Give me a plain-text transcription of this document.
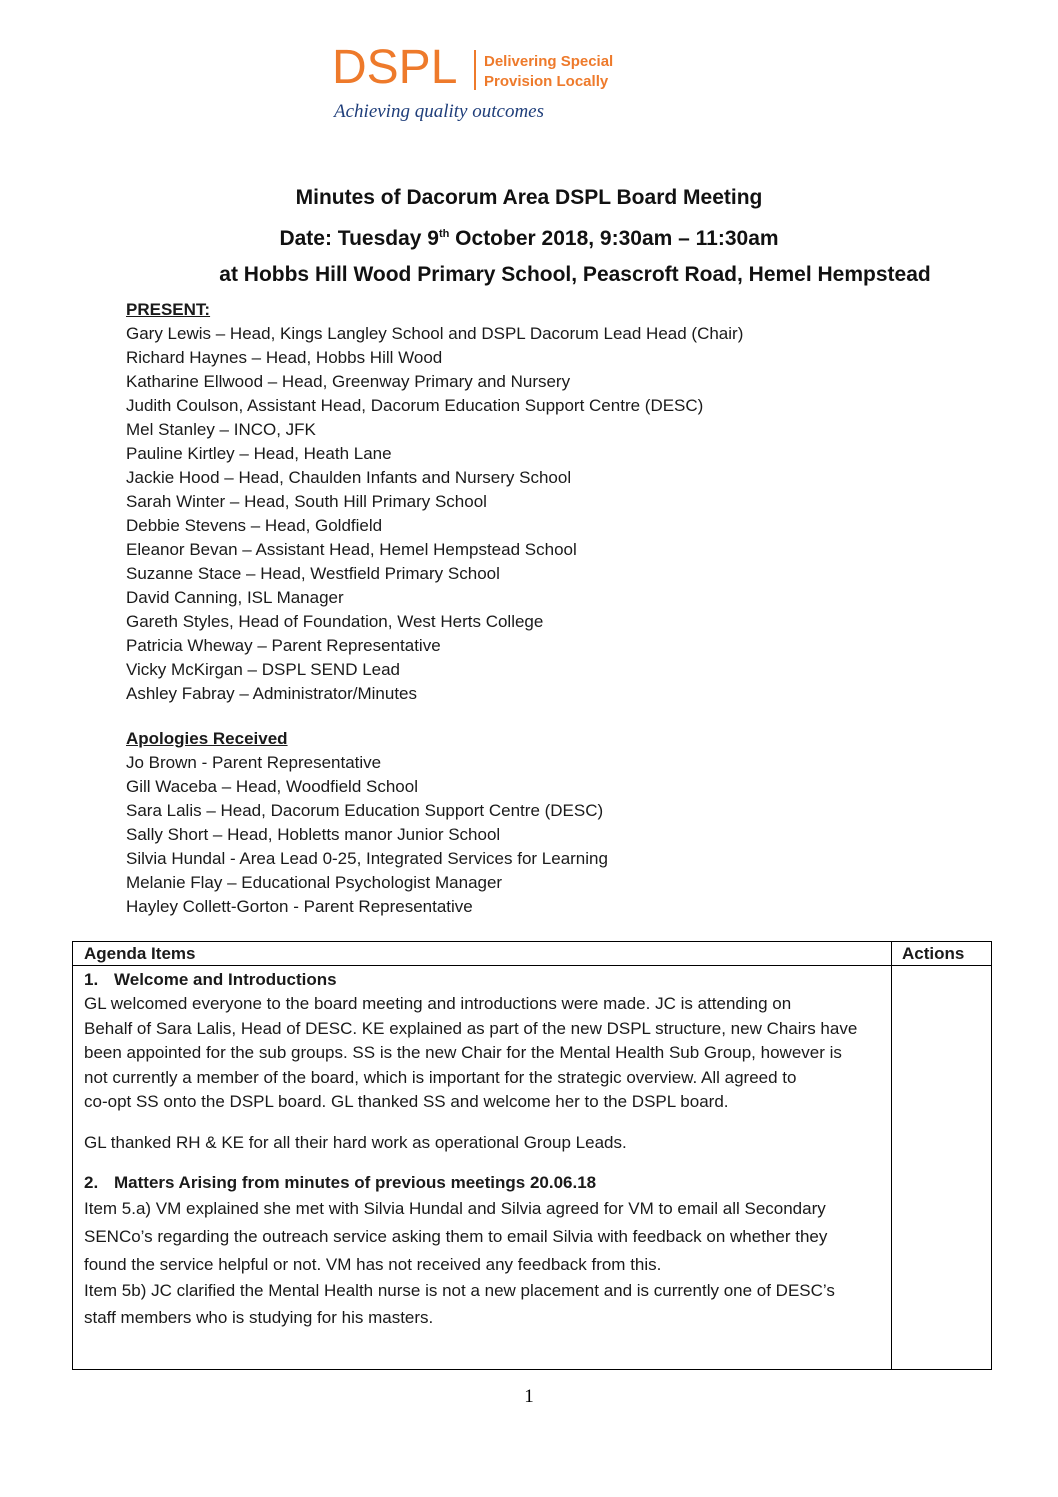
DSPL Delivering Special
Provision Locally
Achieving quality outcomes
Minutes of Dacorum Area DSPL Board Meeting
Date: Tuesday 9th October 2018, 9:30am – 11:30am
at Hobbs Hill Wood Primary School, Peascroft Road, Hemel Hempstead
PRESENT:
Gary Lewis – Head, Kings Langley School and DSPL Dacorum Lead Head (Chair)
Richard Haynes – Head, Hobbs Hill Wood
Katharine Ellwood – Head, Greenway Primary and Nursery
Judith Coulson, Assistant Head, Dacorum Education Support Centre (DESC)
Mel Stanley – INCO, JFK
Pauline Kirtley – Head, Heath Lane
Jackie Hood – Head, Chaulden Infants and Nursery School
Sarah Winter – Head, South Hill Primary School
Debbie Stevens – Head, Goldfield
Eleanor Bevan – Assistant Head, Hemel Hempstead School
Suzanne Stace – Head, Westfield Primary School
David Canning, ISL Manager
Gareth Styles, Head of Foundation, West Herts College
Patricia Wheway – Parent Representative
Vicky McKirgan – DSPL SEND Lead
Ashley Fabray – Administrator/Minutes
Apologies Received
Jo Brown - Parent Representative
Gill Waceba – Head, Woodfield School
Sara Lalis – Head, Dacorum Education Support Centre (DESC)
Sally Short – Head, Hobletts manor Junior School
Silvia Hundal - Area Lead 0-25, Integrated Services for Learning
Melanie Flay – Educational Psychologist Manager
Hayley Collett-Gorton - Parent Representative
Agenda Items	Actions

1. Welcome and Introductions

GL welcomed everyone to the board meeting and introductions were made. JC is attending on

Behalf of Sara Lalis, Head of DESC. KE explained as part of the new DSPL structure, new Chairs have

been appointed for the sub groups. SS is the new Chair for the Mental Health Sub Group, however is

not currently a member of the board, which is important for the strategic overview. All agreed to

co-opt SS onto the DSPL board. GL thanked SS and welcome her to the DSPL board.

GL thanked RH & KE for all their hard work as operational Group Leads.

2. Matters Arising from minutes of previous meetings 20.06.18

Item 5.a) VM explained she met with Silvia Hundal and Silvia agreed for VM to email all Secondary

SENCo’s regarding the outreach service asking them to email Silvia with feedback on whether they

found the service helpful or not. VM has not received any feedback from this.

Item 5b) JC clarified the Mental Health nurse is not a new placement and is currently one of DESC’s

staff members who is studying for his masters.

1
